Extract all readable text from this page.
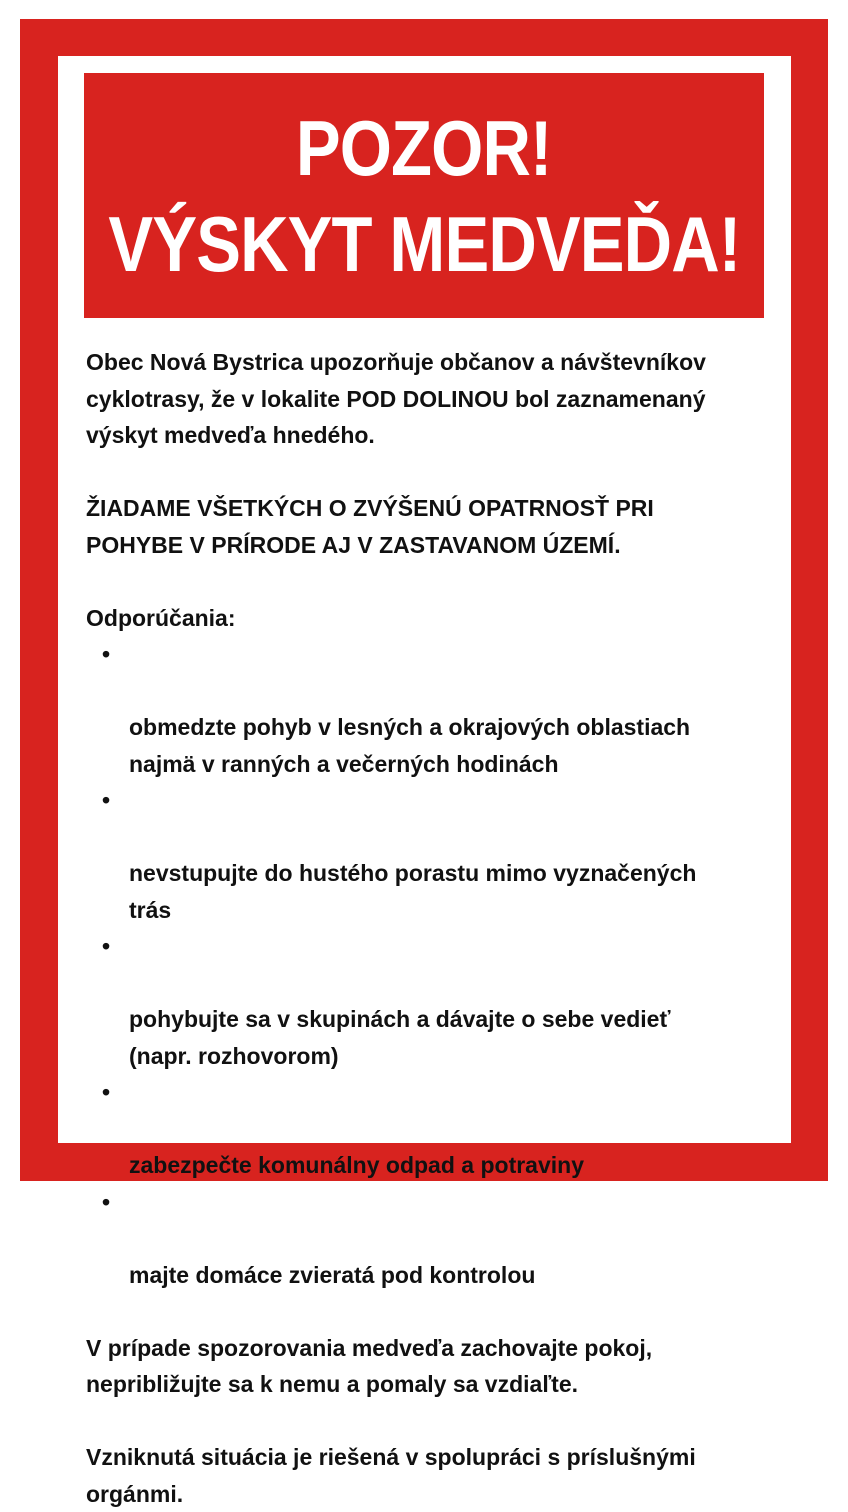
POZOR!
VÝSKYT MEDVEĎA!

Obec Nová Bystrica upozorňuje občanov a návštevníkov
cyklotrasy, že v lokalite POD DOLINOU bol zaznamenaný
výskyt medveďa hnedého.

ŽIADAME VŠETKÝCH O ZVÝŠENÚ OPATRNOSŤ PRI
POHYBE V PRÍRODE AJ V ZASTAVANOM ÚZEMÍ.

Odporúčania:

•

obmedzte pohyb v lesných a okrajových oblastiach
najmä v ranných a večerných hodinách

•

nevstupujte do hustého porastu mimo vyznačených
trás

•

pohybujte sa v skupinách a dávajte o sebe vedieť
(napr. rozhovorom)

•

zabezpečte komunálny odpad a potraviny

•

majte domáce zvieratá pod kontrolou

V prípade spozorovania medveďa zachovajte pokoj,
nepribližujte sa k nemu a pomaly sa vzdiaľte.

Vzniknutá situácia je riešená v spolupráci s príslušnými
orgánmi.
